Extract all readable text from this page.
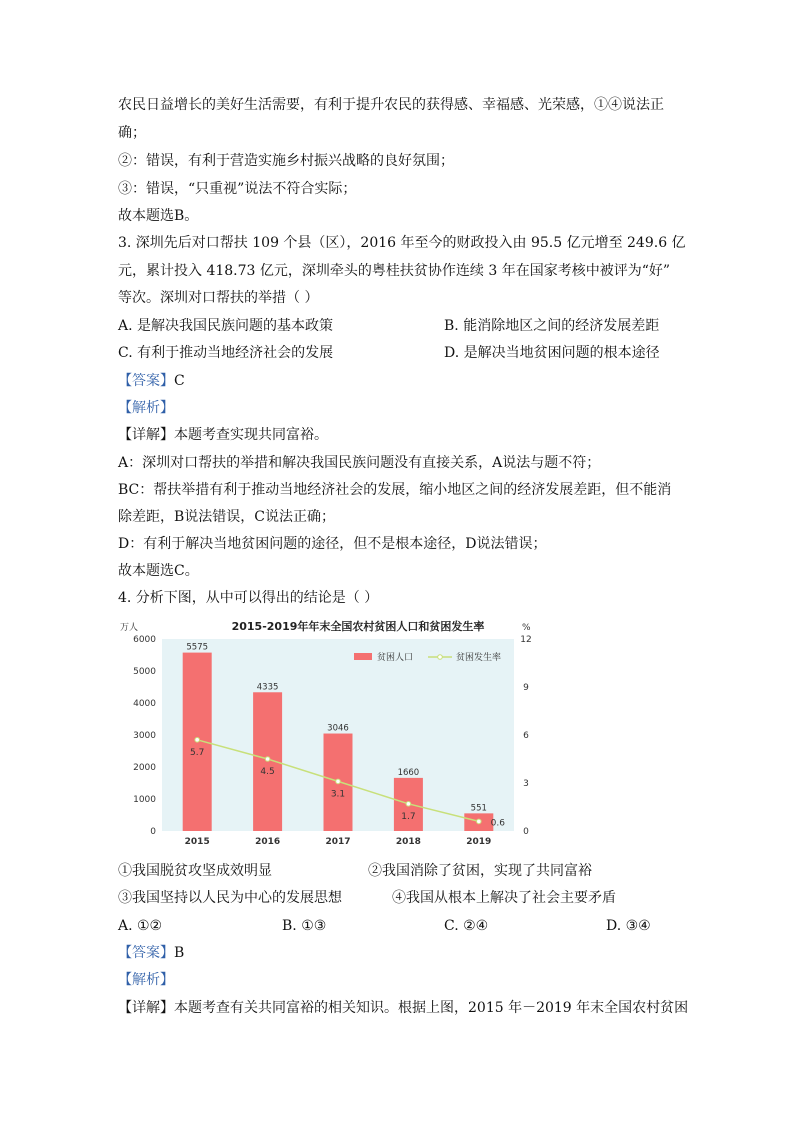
农民日益增长的美好生活需要，有利于提升农民的获得感、幸福感、光荣感，①④说法正
确；
②：错误，有利于营造实施乡村振兴战略的良好氛围；
③：错误，“只重视”说法不符合实际；
故本题选B。
3. 深圳先后对口帮扶 109 个县（区），2016 年至今的财政投入由 95.5 亿元增至 249.6 亿
元，累计投入 418.73 亿元，深圳牵头的粤桂扶贫协作连续 3 年在国家考核中被评为“好”
等次。深圳对口帮扶的举措（ ）
A. 是解决我国民族问题的基本政策	B. 能消除地区之间的经济发展差距
C. 有利于推动当地经济社会的发展	D. 是解决当地贫困问题的根本途径
【答案】C
【解析】
【详解】本题考查实现共同富裕。
A：深圳对口帮扶的举措和解决我国民族问题没有直接关系，A说法与题不符；
BC：帮扶举措有利于推动当地经济社会的发展，缩小地区之间的经济发展差距，但不能消
除差距，B说法错误，C说法正确；
D：有利于解决当地贫困问题的途径，但不是根本途径，D说法错误；
故本题选C。
4. 分析下图，从中可以得出的结论是（ ）
2015-2019年年末全国农村贫困人口和贫困发生率
万人	%
0
1000
2000
3000
4000
5000
6000
0
3
6
9
12
5575
2015
4335
2016
3046
2017
1660
2018
551
2019
5.7
4.5
3.1
1.7
0.6
贫困人口	贫困发生率
①我国脱贫攻坚成效明显	②我国消除了贫困，实现了共同富裕
③我国坚持以人民为中心的发展思想	④我国从根本上解决了社会主要矛盾
A. ①②	B. ①③	C. ②④	D. ③④
【答案】B
【解析】
【详解】本题考查有关共同富裕的相关知识。根据上图，2015 年－2019 年末全国农村贫困
